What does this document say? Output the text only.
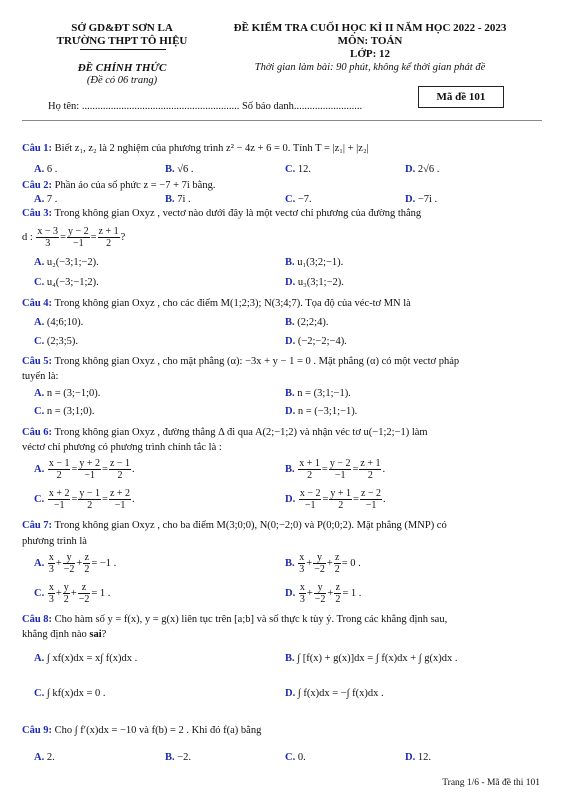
SỞ GD&ĐT SƠN LA
TRƯỜNG THPT TÔ HIỆU
ĐỀ KIỂM TRA CUỐI HỌC KÌ II NĂM HỌC 2022 - 2023
MÔN: TOÁN
LỚP: 12
ĐỀ CHÍNH THỨC
(Đề có 06 trang)
Thời gian làm bài: 90 phút, không kể thời gian phát đề
Mã đề 101
Họ tên: ............................................................ Số báo danh..........................
Câu 1: Biết z₁, z₂ là 2 nghiệm của phương trình z² − 4z + 6 = 0. Tính T = |z₁| + |z₂|
A. 6 .	B. √6 .	C. 12.	D. 2√6 .
Câu 2: Phần ảo của số phức z = −7 + 7i bằng.
A. 7 .	B. 7i .	C. −7.	D. −7i .
Câu 3: Trong không gian Oxyz , vectơ nào dưới đây là một vectơ chỉ phương của đường thẳng
d : $\frac{x - 3}{3} = \frac{y - 2}{-1} = \frac{z + 1}{2}$ ?
A. u₂(−3;1;−2).	B. u₁(3;2;−1).
C. u₄(−3;−1;2).	D. u₃(3;1;−2).
Câu 4: Trong không gian Oxyz , cho các điểm M(1;2;3); N(3;4;7). Tọa độ của véc-tơ MN là
A. (4;6;10).	B. (2;2;4).
C. (2;3;5).	D. (−2;−2;−4).
Câu 5: Trong không gian Oxyz , cho mặt phẳng (α): −3x + y − 1 = 0 . Mặt phẳng (α) có một vectơ pháp
tuyến là:
A. n = (3;−1;0).	B. n = (3;1;−1).
C. n = (3;1;0).	D. n = (−3;1;−1).
Câu 6: Trong không gian Oxyz , đường thẳng Δ đi qua A(2;−1;2) và nhận véc tơ u(−1;2;−1) làm
véctơ chỉ phương có phương trình chính tắc là :
A. $\frac{x - 1}{2} = \frac{y + 2}{-1} = \frac{z - 1}{2}$ .	B. $\frac{x + 1}{2} = \frac{y - 2}{-1} = \frac{z + 1}{2}$ .
C. $\frac{x + 2}{-1} = \frac{y - 1}{2} = \frac{z + 2}{-1}$ .	D. $\frac{x - 2}{-1} = \frac{y + 1}{2} = \frac{z - 2}{-1}$ .
Câu 7: Trong không gian Oxyz , cho ba điểm M(3;0;0), N(0;−2;0) và P(0;0;2). Mặt phẳng (MNP) có
phương trình là
A. $\frac{x}{3} + \frac{y}{-2} + \frac{z}{2} = -1$ .	B. $\frac{x}{3} + \frac{y}{-2} + \frac{z}{2} = 0$ .
C. $\frac{x}{3} + \frac{y}{2} + \frac{z}{-2} = 1$ .	D. $\frac{x}{3} + \frac{y}{-2} + \frac{z}{2} = 1$ .
Câu 8: Cho hàm số y = f(x), y = g(x) liên tục trên [a;b] và số thực k tùy ý. Trong các khẳng định sau,
khẳng định nào sai?
A. ∫ xf(x)dx = x∫ f(x)dx .	B. ∫ [f(x) + g(x)]dx = ∫ f(x)dx + ∫ g(x)dx .
C. ∫ kf(x)dx = 0 .	D. ∫ f(x)dx = −∫ f(x)dx .
Câu 9: Cho ∫ f′(x)dx = −10 và f(b) = 2 . Khi đó f(a) bằng
A. 2.	B. −2.	C. 0.	D. 12.
Trang 1/6 - Mã đề thi 101
